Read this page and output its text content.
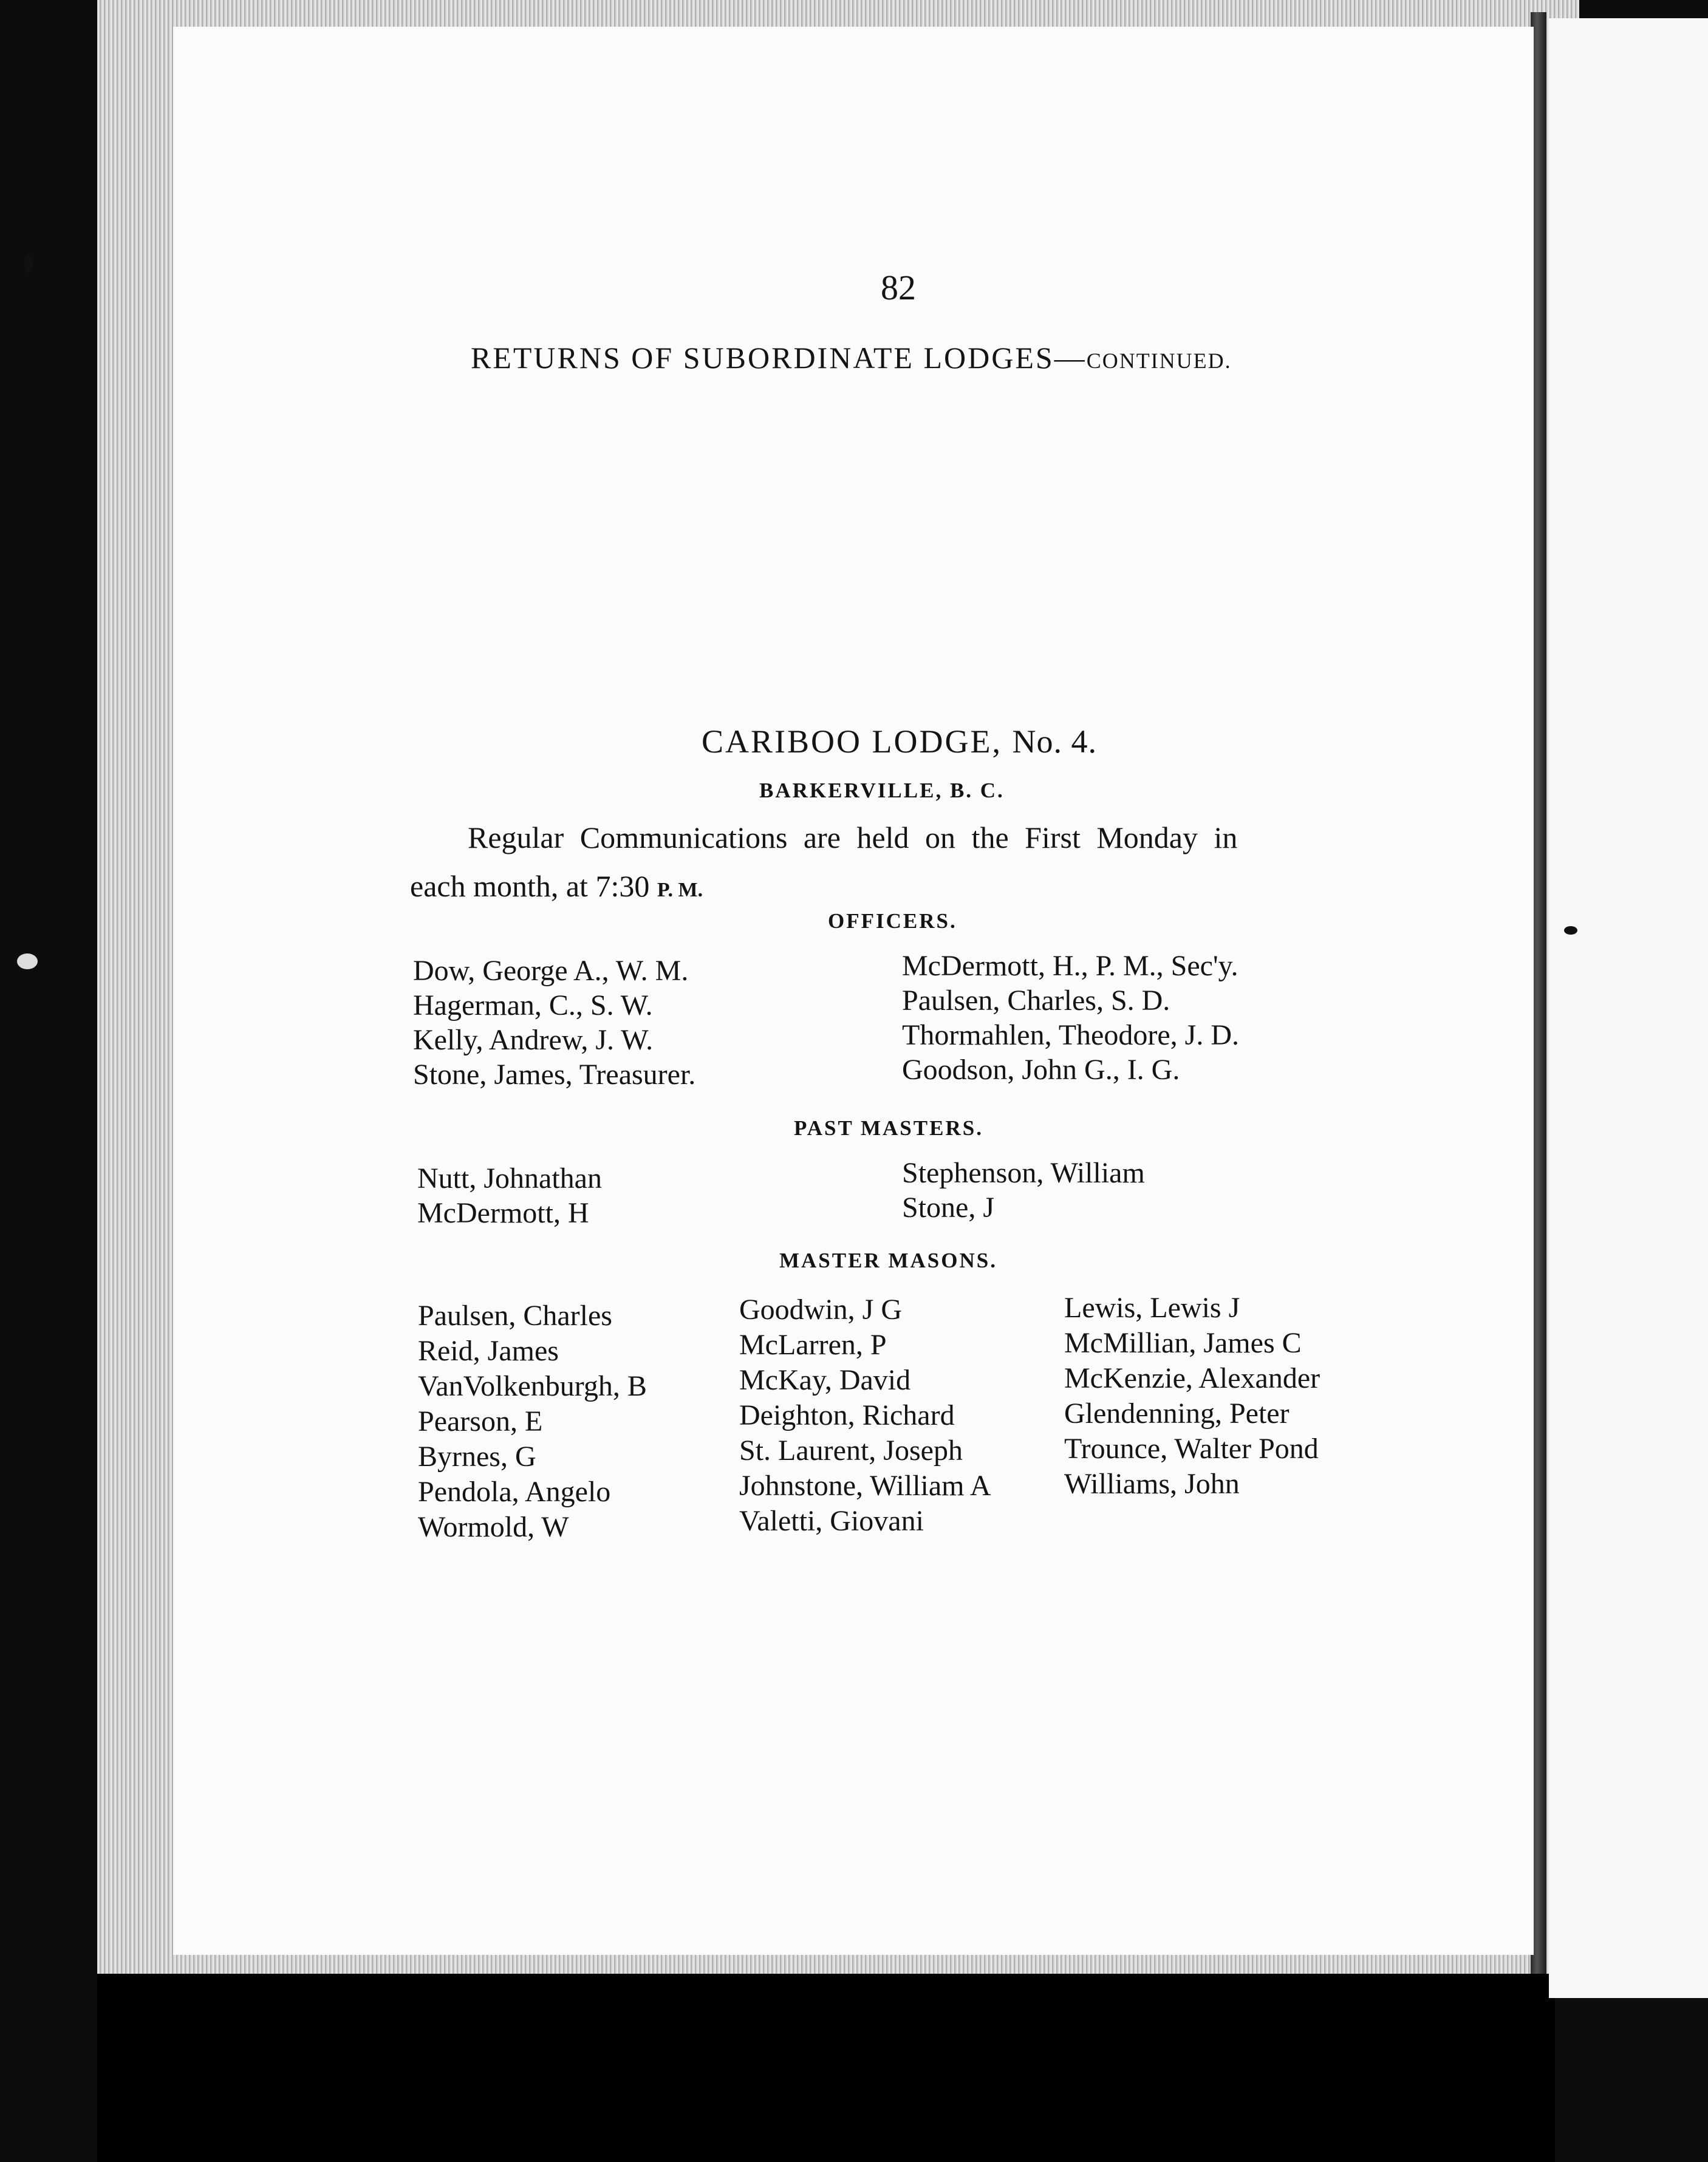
82
RETURNS OF SUBORDINATE LODGES—CONTINUED.
CARIBOO LODGE, No. 4.
BARKERVILLE, B. C.
Regular Communications are held on the First Monday in
each month, at 7:30 P. M.
OFFICERS.
Dow, George A., W. M.
Hagerman, C., S. W.
Kelly, Andrew, J. W.
Stone, James, Treasurer.
McDermott, H., P. M., Sec'y.
Paulsen, Charles, S. D.
Thormahlen, Theodore, J. D.
Goodson, John G., I. G.
PAST MASTERS.
Nutt, Johnathan
McDermott, H
Stephenson, William
Stone, J
MASTER MASONS.
Paulsen, Charles
Reid, James
VanVolkenburgh, B
Pearson, E
Byrnes, G
Pendola, Angelo
Wormold, W
Goodwin, J G
McLarren, P
McKay, David
Deighton, Richard
St. Laurent, Joseph
Johnstone, William A
Valetti, Giovani
Lewis, Lewis J
McMillian, James C
McKenzie, Alexander
Glendenning, Peter
Trounce, Walter Pond
Williams, John
